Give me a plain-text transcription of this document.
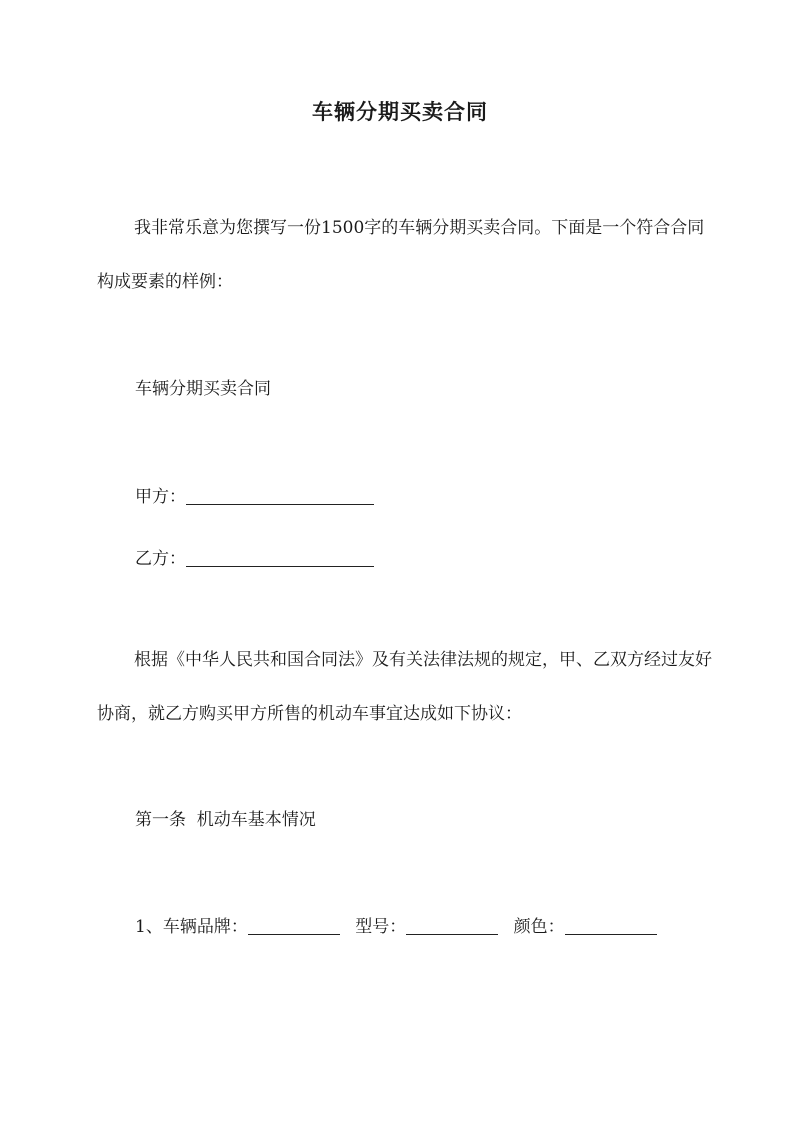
车辆分期买卖合同

我非常乐意为您撰写一份1500字的车辆分期买卖合同。下面是一个符合合同构成要素的样例：

车辆分期买卖合同
甲方：
乙方：

根据《中华人民共和国合同法》及有关法律法规的规定，甲、乙双方经过友好协商，就乙方购买甲方所售的机动车事宜达成如下协议：

第一条  机动车基本情况
1、车辆品牌：	型号：	颜色：
